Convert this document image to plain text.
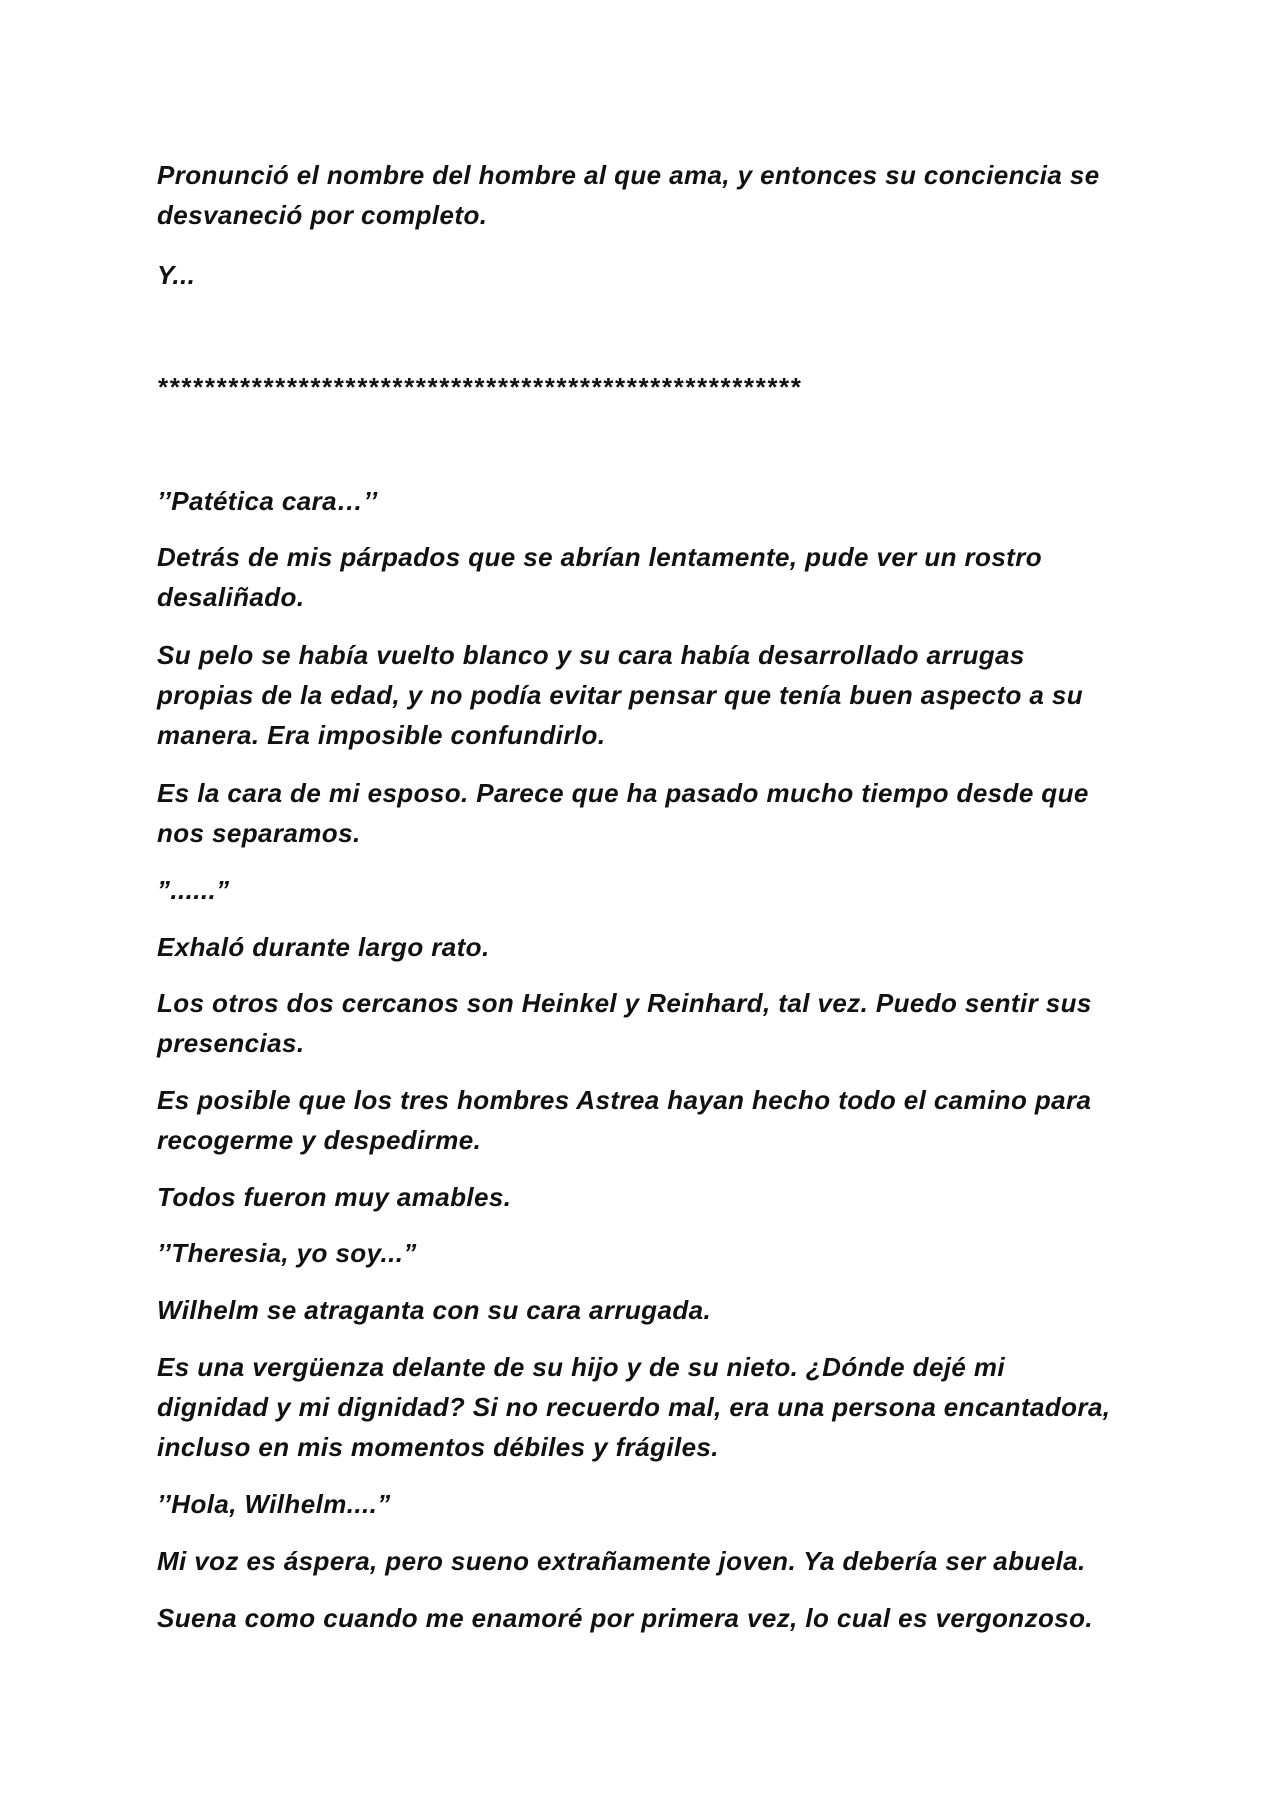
Pronunció el nombre del hombre al que ama, y entonces su conciencia se
desvaneció por completo.
Y...
*******************************************************
’’Patética cara…’’
Detrás de mis párpados que se abrían lentamente, pude ver un rostro
desaliñado.
Su pelo se había vuelto blanco y su cara había desarrollado arrugas
propias de la edad, y no podía evitar pensar que tenía buen aspecto a su
manera. Era imposible confundirlo.
Es la cara de mi esposo. Parece que ha pasado mucho tiempo desde que
nos separamos.
”......”
Exhaló durante largo rato.
Los otros dos cercanos son Heinkel y Reinhard, tal vez. Puedo sentir sus
presencias.
Es posible que los tres hombres Astrea hayan hecho todo el camino para
recogerme y despedirme.
Todos fueron muy amables.
’’Theresia, yo soy...”
Wilhelm se atraganta con su cara arrugada.
Es una vergüenza delante de su hijo y de su nieto. ¿Dónde dejé mi
dignidad y mi dignidad? Si no recuerdo mal, era una persona encantadora,
incluso en mis momentos débiles y frágiles.
’’Hola, Wilhelm....”
Mi voz es áspera, pero sueno extrañamente joven. Ya debería ser abuela.
Suena como cuando me enamoré por primera vez, lo cual es vergonzoso.
